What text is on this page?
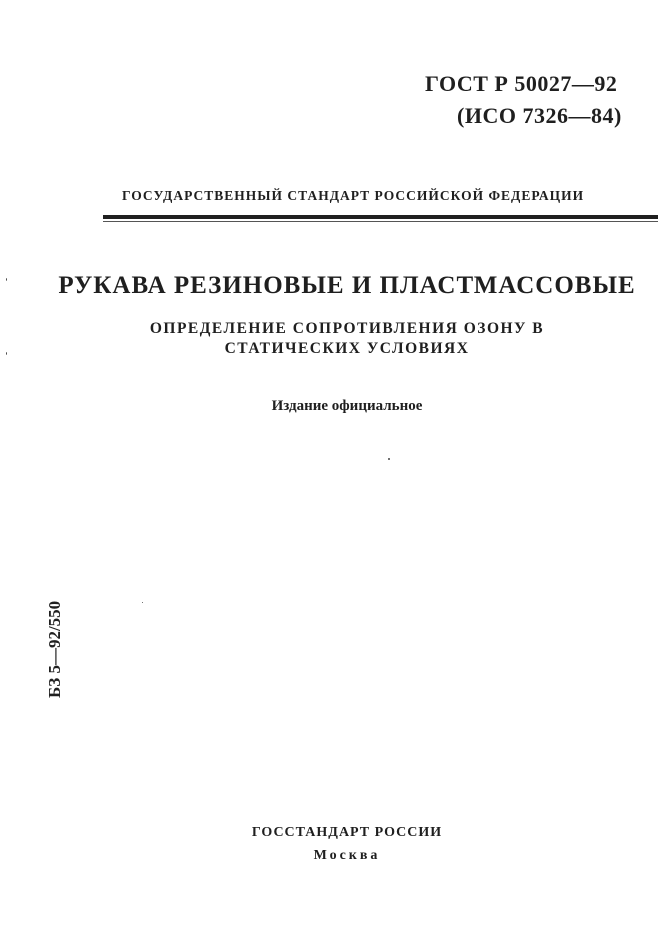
ГОСТ Р 50027—92
(ИСО 7326—84)
ГОСУДАРСТВЕННЫЙ СТАНДАРТ РОССИЙСКОЙ ФЕДЕРАЦИИ
РУКАВА РЕЗИНОВЫЕ И ПЛАСТМАССОВЫЕ
ОПРЕДЕЛЕНИЕ СОПРОТИВЛЕНИЯ ОЗОНУ В
СТАТИЧЕСКИХ УСЛОВИЯХ
Издание официальное
БЗ 5—92/550
ГОССТАНДАРТ РОССИИ
Москва
